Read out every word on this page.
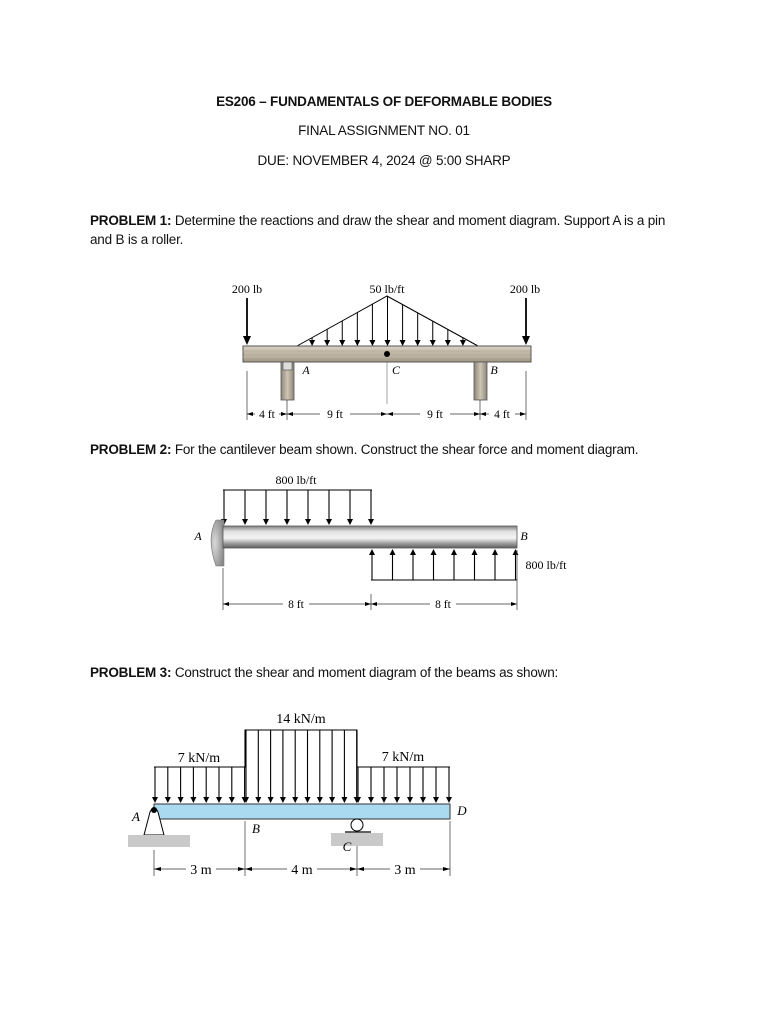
ES206 – FUNDAMENTALS OF DEFORMABLE BODIES
FINAL ASSIGNMENT NO. 01
DUE: NOVEMBER 4, 2024 @ 5:00 SHARP
PROBLEM 1: Determine the reactions and draw the shear and moment diagram. Support A is a pin and B is a roller.
200 lb	50 lb/ft	200 lb
A	C	B
4 ft	9 ft	9 ft	4 ft
PROBLEM 2: For the cantilever beam shown. Construct the shear force and moment diagram.
800 lb/ft
A	B
800 lb/ft
8 ft	8 ft
PROBLEM 3: Construct the shear and moment diagram of the beams as shown:
14 kN/m
7 kN/m	7 kN/m
A
C
B
D
3 m	4 m	3 m
